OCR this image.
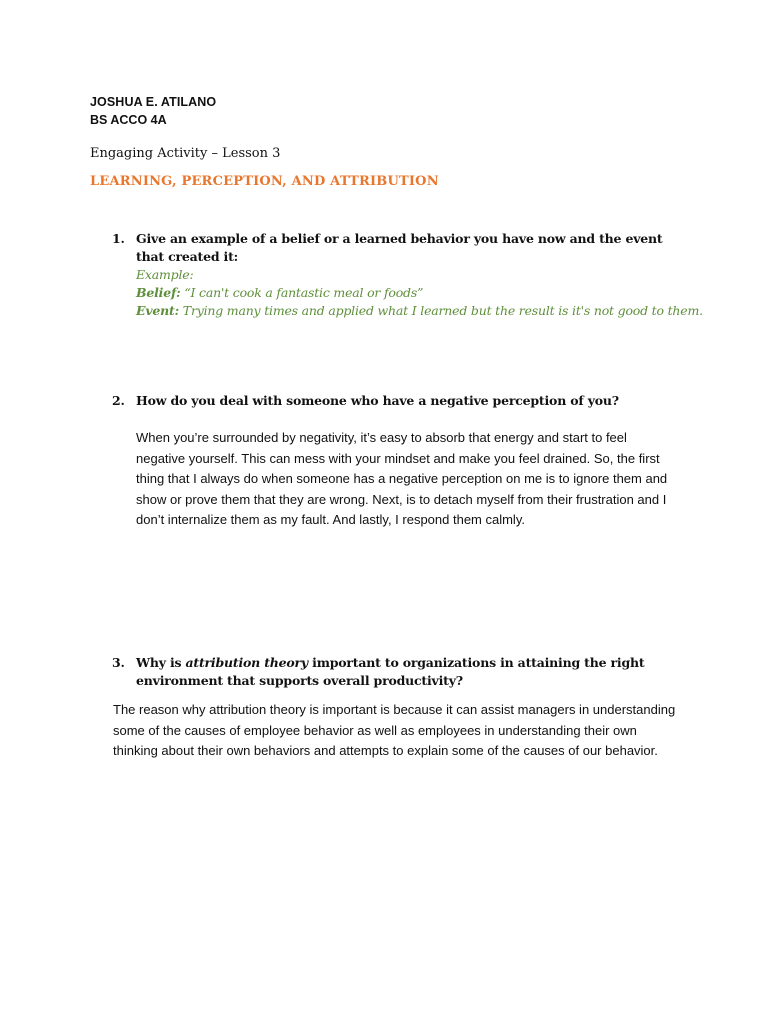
JOSHUA E. ATILANO
BS ACCO 4A
Engaging Activity – Lesson 3
LEARNING, PERCEPTION, AND ATTRIBUTION
1. Give an example of a belief or a learned behavior you have now and the event that created it:
Example:
Belief: “I can't cook a fantastic meal or foods”
Event: Trying many times and applied what I learned but the result is it's not good to them.
2. How do you deal with someone who have a negative perception of you?

When you’re surrounded by negativity, it’s easy to absorb that energy and start to feel negative yourself. This can mess with your mindset and make you feel drained. So, the first thing that I always do when someone has a negative perception on me is to ignore them and show or prove them that they are wrong. Next, is to detach myself from their frustration and I don’t internalize them as my fault. And lastly, I respond them calmly.

3. Why is attribution theory important to organizations in attaining the right environment that supports overall productivity?

The reason why attribution theory is important is because it can assist managers in understanding some of the causes of employee behavior as well as employees in understanding their own thinking about their own behaviors and attempts to explain some of the causes of our behavior.
